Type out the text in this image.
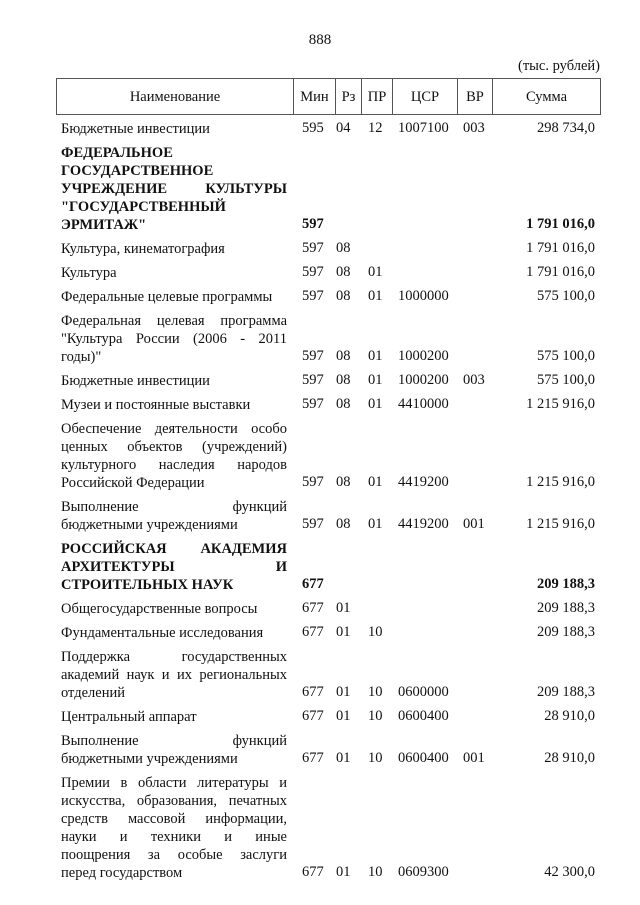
888
(тыс. рублей)
Наименование	Мин Рз ПР	ЦСР	ВР	Сумма
Бюджетные инвестиции	595 04 12 1007100 003	298 734,0
ФЕДЕРАЛЬНОЕ
ГОСУДАРСТВЕННОЕ
УЧРЕЖДЕНИЕ КУЛЬТУРЫ
"ГОСУДАРСТВЕННЫЙ
ЭРМИТАЖ"	597	1 791 016,0
Культура, кинематография	597 08	1 791 016,0
Культура	597 08 01	1 791 016,0
Федеральные целевые программы	597 08 01 1000000	575 100,0
Федеральная целевая программа
"Культура России (2006 - 2011
годы)"	597 08 01 1000200	575 100,0
Бюджетные инвестиции	597 08 01 1000200 003	575 100,0
Музеи и постоянные выставки	597 08 01 4410000	1 215 916,0
Обеспечение деятельности особо
ценных объектов (учреждений)
культурного наследия народов
Российской Федерации	597 08 01 4419200	1 215 916,0
Выполнение функций
бюджетными учреждениями	597 08 01 4419200 001	1 215 916,0
РОССИЙСКАЯ АКАДЕМИЯ
АРХИТЕКТУРЫ И
СТРОИТЕЛЬНЫХ НАУК	677	209 188,3
Общегосударственные вопросы	677 01	209 188,3
Фундаментальные исследования	677 01 10	209 188,3
Поддержка государственных
академий наук и их региональных
отделений	677 01 10 0600000	209 188,3
Центральный аппарат	677 01 10 0600400	28 910,0
Выполнение функций
бюджетными учреждениями	677 01 10 0600400 001	28 910,0
Премии в области литературы и
искусства, образования, печатных
средств массовой информации,
науки и техники и иные
поощрения за особые заслуги
перед государством	677 01 10 0609300	42 300,0
